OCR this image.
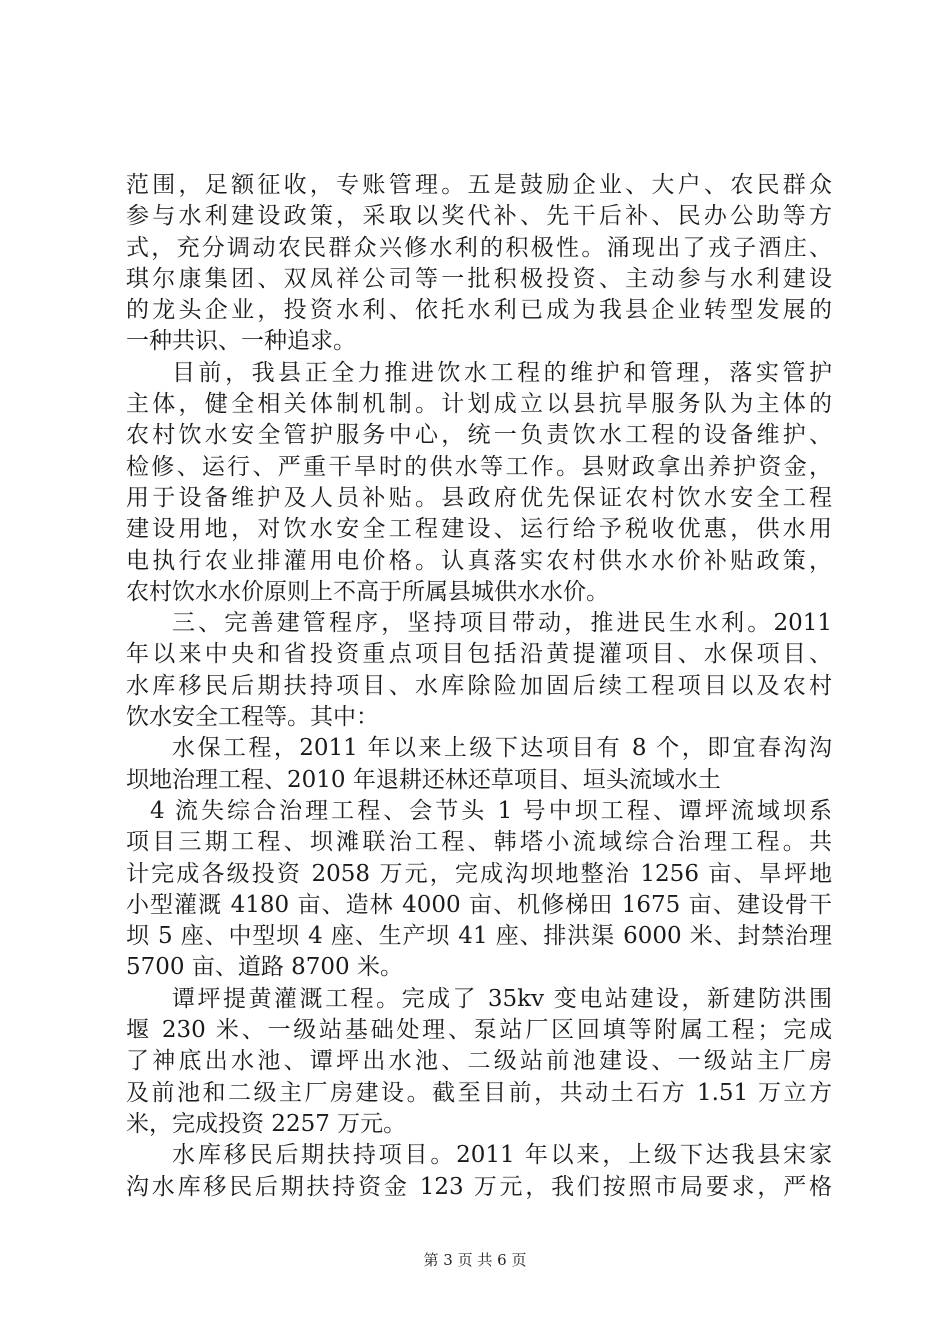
范围，足额征收，专账管理。五是鼓励企业、大户、农民群众
参与水利建设政策，采取以奖代补、先干后补、民办公助等方
式，充分调动农民群众兴修水利的积极性。涌现出了戎子酒庄、
琪尔康集团、双凤祥公司等一批积极投资、主动参与水利建设
的龙头企业，投资水利、依托水利已成为我县企业转型发展的
一种共识、一种追求。
目前，我县正全力推进饮水工程的维护和管理，落实管护
主体，健全相关体制机制。计划成立以县抗旱服务队为主体的
农村饮水安全管护服务中心，统一负责饮水工程的设备维护、
检修、运行、严重干旱时的供水等工作。县财政拿出养护资金，
用于设备维护及人员补贴。县政府优先保证农村饮水安全工程
建设用地，对饮水安全工程建设、运行给予税收优惠，供水用
电执行农业排灌用电价格。认真落实农村供水水价补贴政策，
农村饮水水价原则上不高于所属县城供水水价。
三、完善建管程序，坚持项目带动，推进民生水利。2011
年以来中央和省投资重点项目包括沿黄提灌项目、水保项目、
水库移民后期扶持项目、水库除险加固后续工程项目以及农村
饮水安全工程等。其中：
水保工程，2011 年以来上级下达项目有 8 个，即宜春沟沟
坝地治理工程、2010 年退耕还林还草项目、垣头流域水土
4 流失综合治理工程、会节头 1 号中坝工程、谭坪流域坝系
项目三期工程、坝滩联治工程、韩塔小流域综合治理工程。共
计完成各级投资 2058 万元，完成沟坝地整治 1256 亩、旱坪地
小型灌溉 4180 亩、造林 4000 亩、机修梯田 1675 亩、建设骨干
坝 5 座、中型坝 4 座、生产坝 41 座、排洪渠 6000 米、封禁治理
5700 亩、道路 8700 米。
谭坪提黄灌溉工程。完成了 35kv 变电站建设，新建防洪围
堰 230 米、一级站基础处理、泵站厂区回填等附属工程；完成
了神底出水池、谭坪出水池、二级站前池建设、一级站主厂房
及前池和二级主厂房建设。截至目前，共动土石方 1.51 万立方
米，完成投资 2257 万元。
水库移民后期扶持项目。2011 年以来，上级下达我县宋家
沟水库移民后期扶持资金 123 万元，我们按照市局要求，严格
第 3 页 共 6 页
